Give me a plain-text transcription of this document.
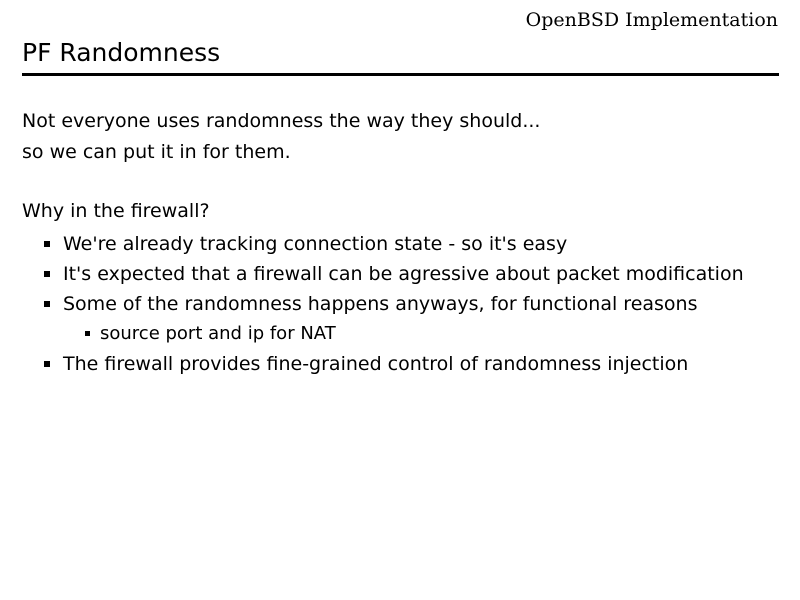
OpenBSD Implementation
PF Randomness

Not everyone uses randomness the way they should...

so we can put it in for them.

Why in the firewall?

We're already tracking connection state - so it's easy
It's expected that a firewall can be agressive about packet modification
Some of the randomness happens anyways, for functional reasons
source port and ip for NAT
The firewall provides fine-grained control of randomness injection
